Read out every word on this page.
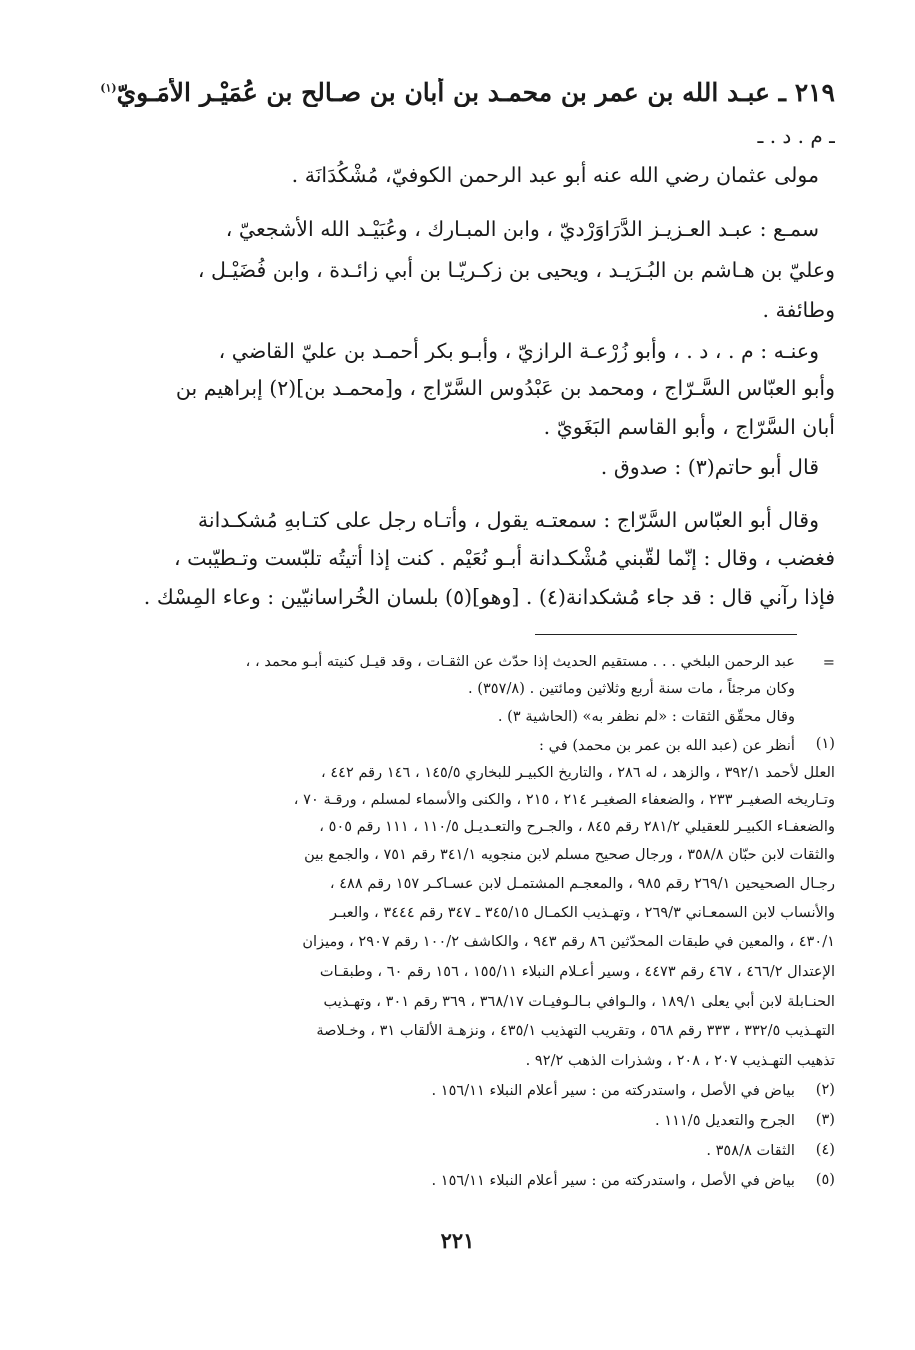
٢١٩ ـ عبـد الله بن عمر بن محمـد بن أبان بن صـالح بن عُمَيْـر الأُمَـويّ$^{(١)}$
ـ م . د . ـ
مولى عثمان رضي الله عنه أبو عبد الرحمن الكوفيّ، مُشْكُدَانَة .
سمـع : عبـد العـزيـز الدَّرَاوَرْديّ ، وابن المبـارك ، وعُبَيْـد الله الأشجعيّ ،
وعليّ بن هـاشم بن البُـرَيـد ، ويحيى بن زكـريّـا بن أبي زائـدة ، وابن فُضَيْـل ،
وطائفة .
وعنـه : م . ، د . ، وأبو زُرْعـة الرازيّ ، وأبـو بكر أحمـد بن عليّ القاضي ،
وأبو العبّاس السَّـرّاج ، ومحمد بن عَبْدُوس السَّرّاج ، و[محمـد بن](٢) إبراهيم بن
أبان السَّرّاج ، وأبو القاسم البَغَويّ .
قال أبو حاتم(٣) : صدوق .
وقال أبو العبّاس السَّرّاج : سمعتـه يقول ، وأتـاه رجل على كتـابهِ مُشكـدانة
فغضب ، وقال : إنّما لقّبني مُشْكـدانة أبـو نُعَيْم . كنت إذا أتيتُه تلبّست وتـطيّبت ،
فإذا رآني قال : قد جاء مُشكدانة(٤) . [وهو](٥) بلسان الخُراسانيّين : وعاء المِسْك .
=
عبد الرحمن البلخي . . . مستقيم الحديث إذا حدّث عن الثقـات ، وقد قيـل كنيته أبـو محمد ، ،
وكان مرجئاً ، مات سنة أربع وثلاثين ومائتين . (٣٥٧/٨) .
وقال محقّق الثقات : «لم نظفر به» (الحاشية ٣) .
(١)
أنظر عن (عبد الله بن عمر بن محمد) في :
العلل لأحمد ٣٩٢/١ ، والزهد ، له ٢٨٦ ، والتاريخ الكبيـر للبخاري ١٤٥/٥ ، ١٤٦ رقم ٤٤٢ ،
وتـاريخه الصغيـر ٢٣٣ ، والضعفاء الصغيـر ٢١٤ ، ٢١٥ ، والكنى والأسماء لمسلم ، ورقـة ٧٠ ،
والضعفـاء الكبيـر للعقيلي ٢٨١/٢ رقم ٨٤٥ ، والجـرح والتعـديـل ١١٠/٥ ، ١١١ رقم ٥٠٥ ،
والثقات لابن حبّان ٣٥٨/٨ ، ورجال صحيح مسلم لابن منجويه ٣٤١/١ رقم ٧٥١ ، والجمع بين
رجـال الصحيحين ٢٦٩/١ رقم ٩٨٥ ، والمعجـم المشتمـل لابن عسـاكـر ١٥٧ رقم ٤٨٨ ،
والأنساب لابن السمعـاني ٢٦٩/٣ ، وتهـذيب الكمـال ٣٤٥/١٥ ـ ٣٤٧ رقم ٣٤٤٤ ، والعبـر
٤٣٠/١ ، والمعين في طبقات المحدّثين ٨٦ رقم ٩٤٣ ، والكاشف ١٠٠/٢ رقم ٢٩٠٧ ، وميزان
الإعتدال ٤٦٦/٢ ، ٤٦٧ رقم ٤٤٧٣ ، وسير أعـلام النبلاء ١٥٥/١١ ، ١٥٦ رقم ٦٠ ، وطبقـات
الحنـابلة لابن أبي يعلى ١٨٩/١ ، والـوافي بـالـوفيـات ٣٦٨/١٧ ، ٣٦٩ رقم ٣٠١ ، وتهـذيب
التهـذيب ٣٣٢/٥ ، ٣٣٣ رقم ٥٦٨ ، وتقريب التهذيب ٤٣٥/١ ، ونزهـة الألقاب ٣١ ، وخـلاصة
تذهيب التهـذيب ٢٠٧ ، ٢٠٨ ، وشذرات الذهب ٩٢/٢ .
(٢)
بياض في الأصل ، واستدركته من : سير أعلام النبلاء ١٥٦/١١ .
(٣)
الجرح والتعديل ١١١/٥ .
(٤)
الثقات ٣٥٨/٨ .
(٥)
بياض في الأصل ، واستدركته من : سير أعلام النبلاء ١٥٦/١١ .
٢٢١
